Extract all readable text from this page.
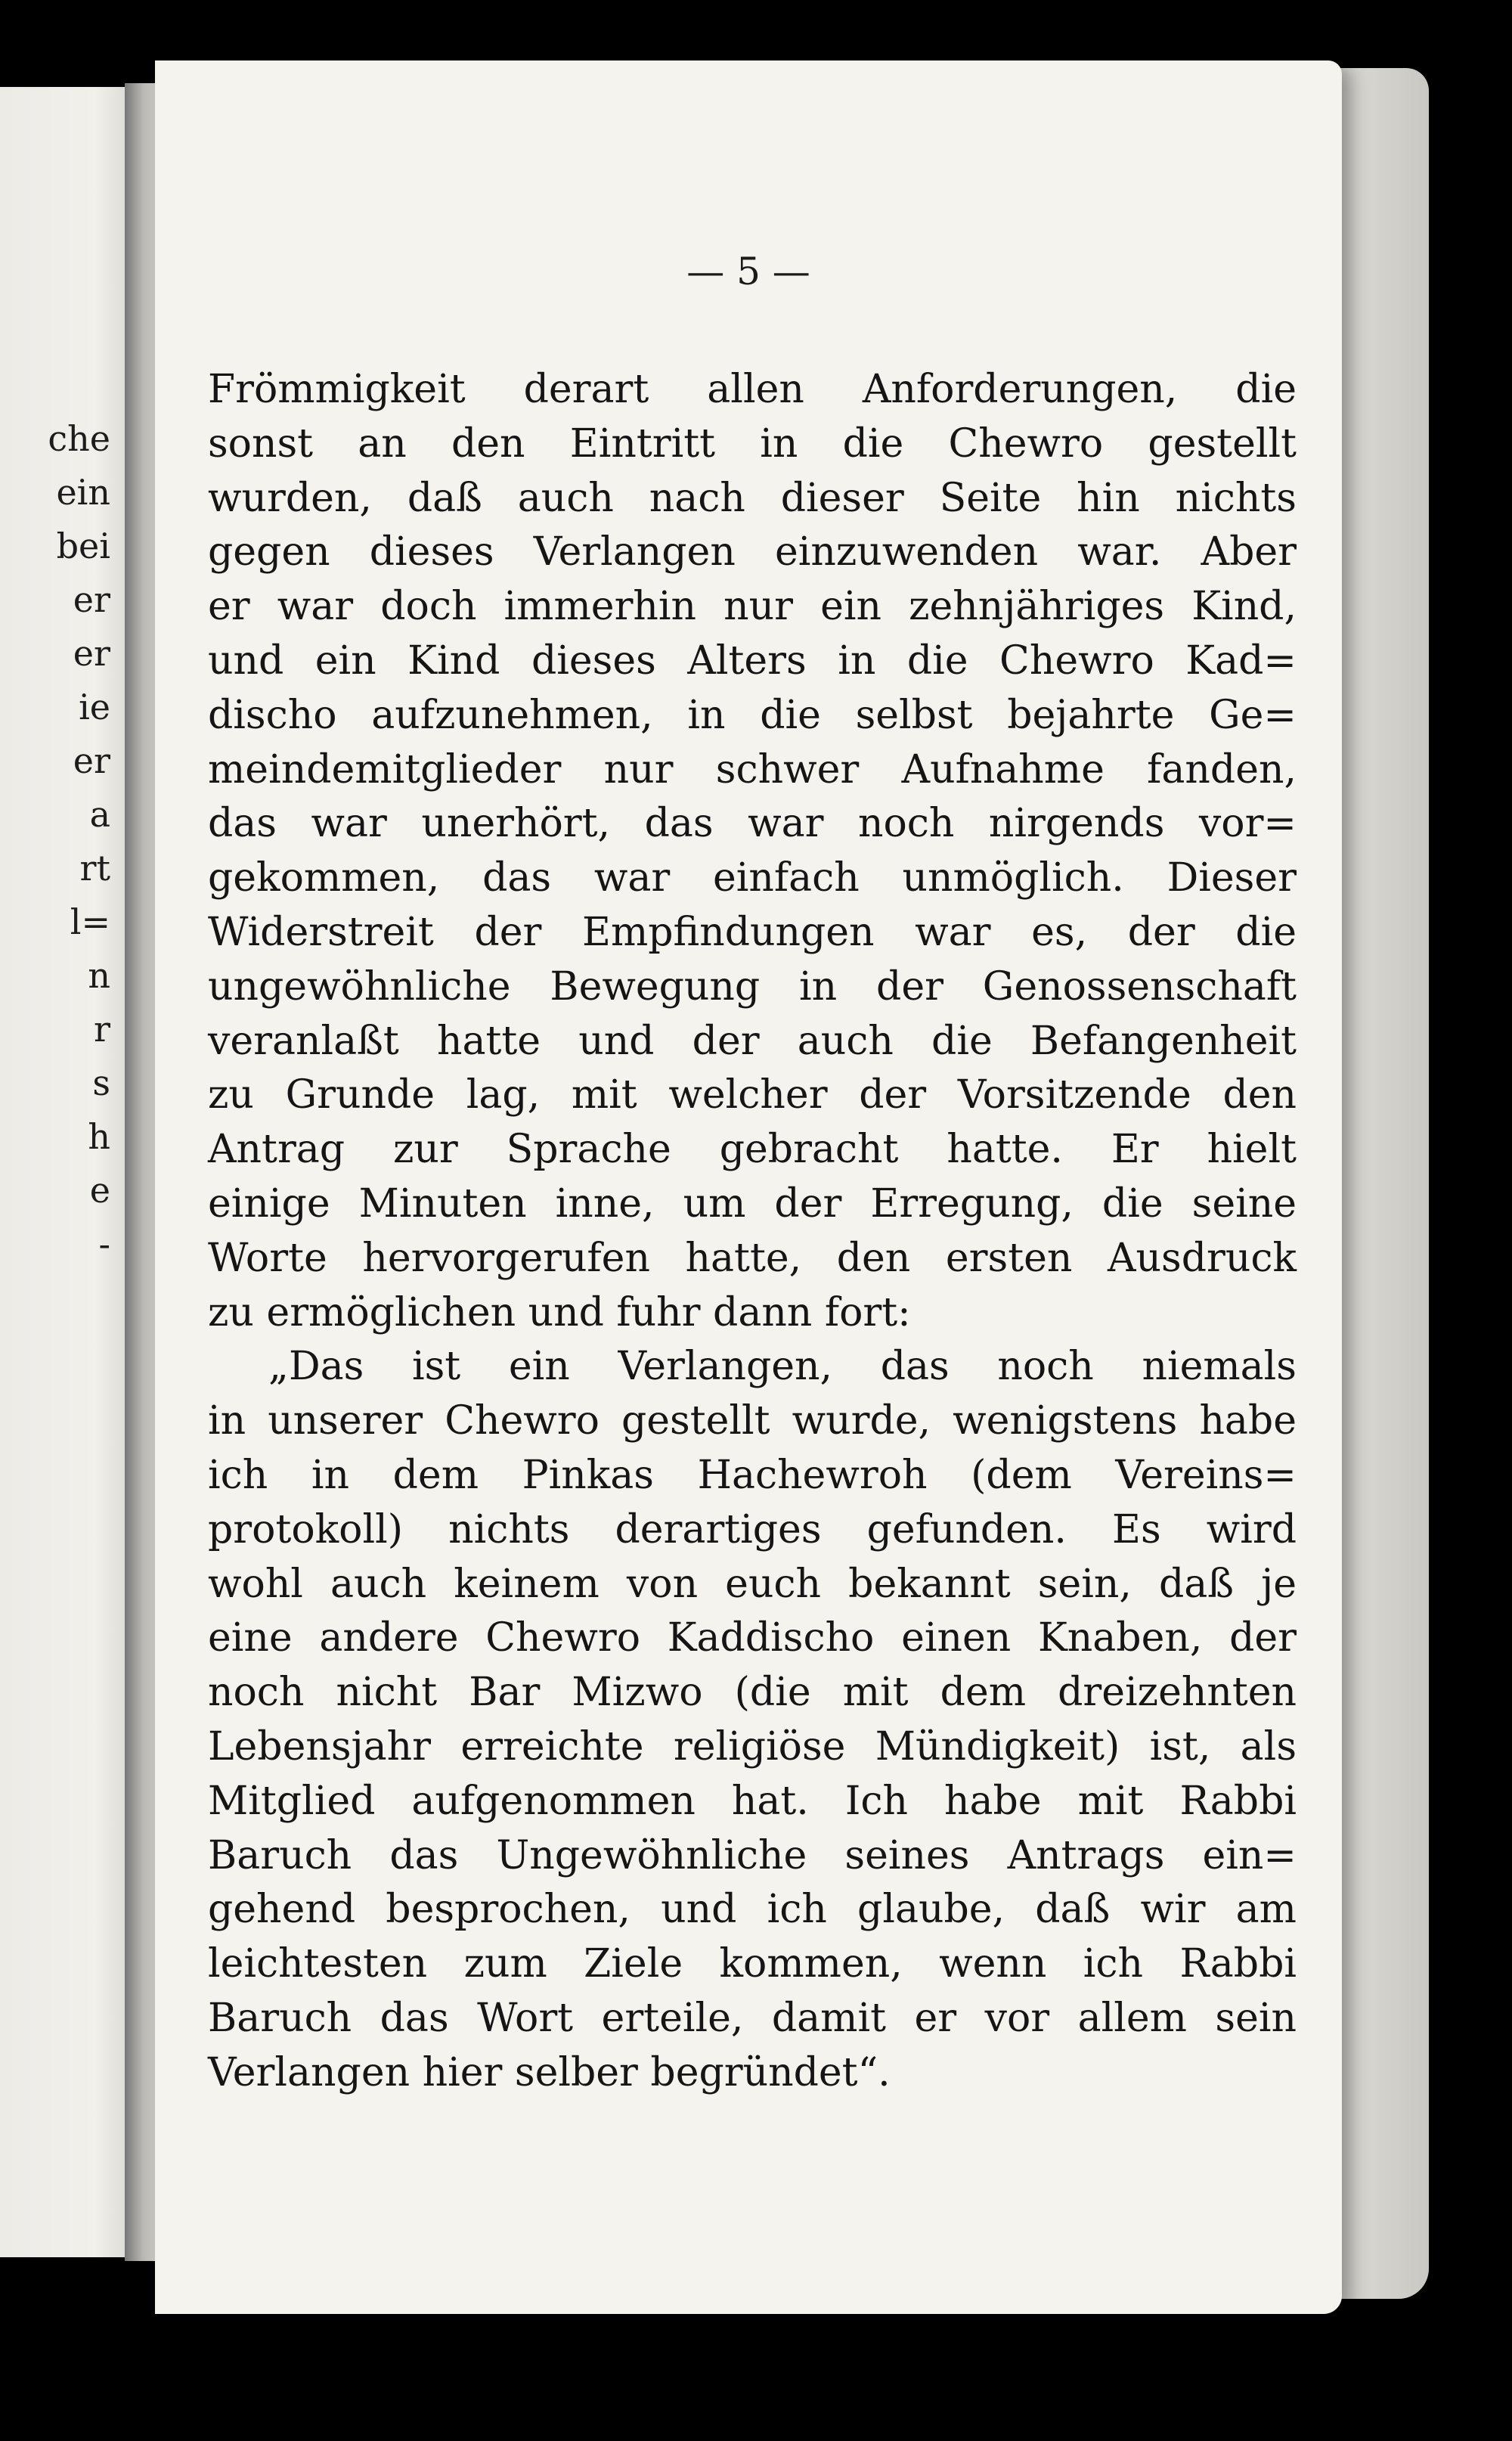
che
ein
bei
er
er
ie
er
a
rt
l=
n
r
s
h
e
-
— 5 —
Frömmigkeit derart allen Anforderungen, die
sonst an den Eintritt in die Chewro gestellt
wurden, daß auch nach dieser Seite hin nichts
gegen dieses Verlangen einzuwenden war. Aber
er war doch immerhin nur ein zehnjähriges Kind,
und ein Kind dieses Alters in die Chewro Kad=
discho aufzunehmen, in die selbst bejahrte Ge=
meindemitglieder nur schwer Aufnahme fanden,
das war unerhört, das war noch nirgends vor=
gekommen, das war einfach unmöglich. Dieser
Widerstreit der Empfindungen war es, der die
ungewöhnliche Bewegung in der Genossenschaft
veranlaßt hatte und der auch die Befangenheit
zu Grunde lag, mit welcher der Vorsitzende den
Antrag zur Sprache gebracht hatte. Er hielt
einige Minuten inne, um der Erregung, die seine
Worte hervorgerufen hatte, den ersten Ausdruck
zu ermöglichen und fuhr dann fort:
„Das ist ein Verlangen, das noch niemals
in unserer Chewro gestellt wurde, wenigstens habe
ich in dem Pinkas Hachewroh (dem Vereins=
protokoll) nichts derartiges gefunden. Es wird
wohl auch keinem von euch bekannt sein, daß je
eine andere Chewro Kaddischo einen Knaben, der
noch nicht Bar Mizwo (die mit dem dreizehnten
Lebensjahr erreichte religiöse Mündigkeit) ist, als
Mitglied aufgenommen hat. Ich habe mit Rabbi
Baruch das Ungewöhnliche seines Antrags ein=
gehend besprochen, und ich glaube, daß wir am
leichtesten zum Ziele kommen, wenn ich Rabbi
Baruch das Wort erteile, damit er vor allem sein
Verlangen hier selber begründet“.
